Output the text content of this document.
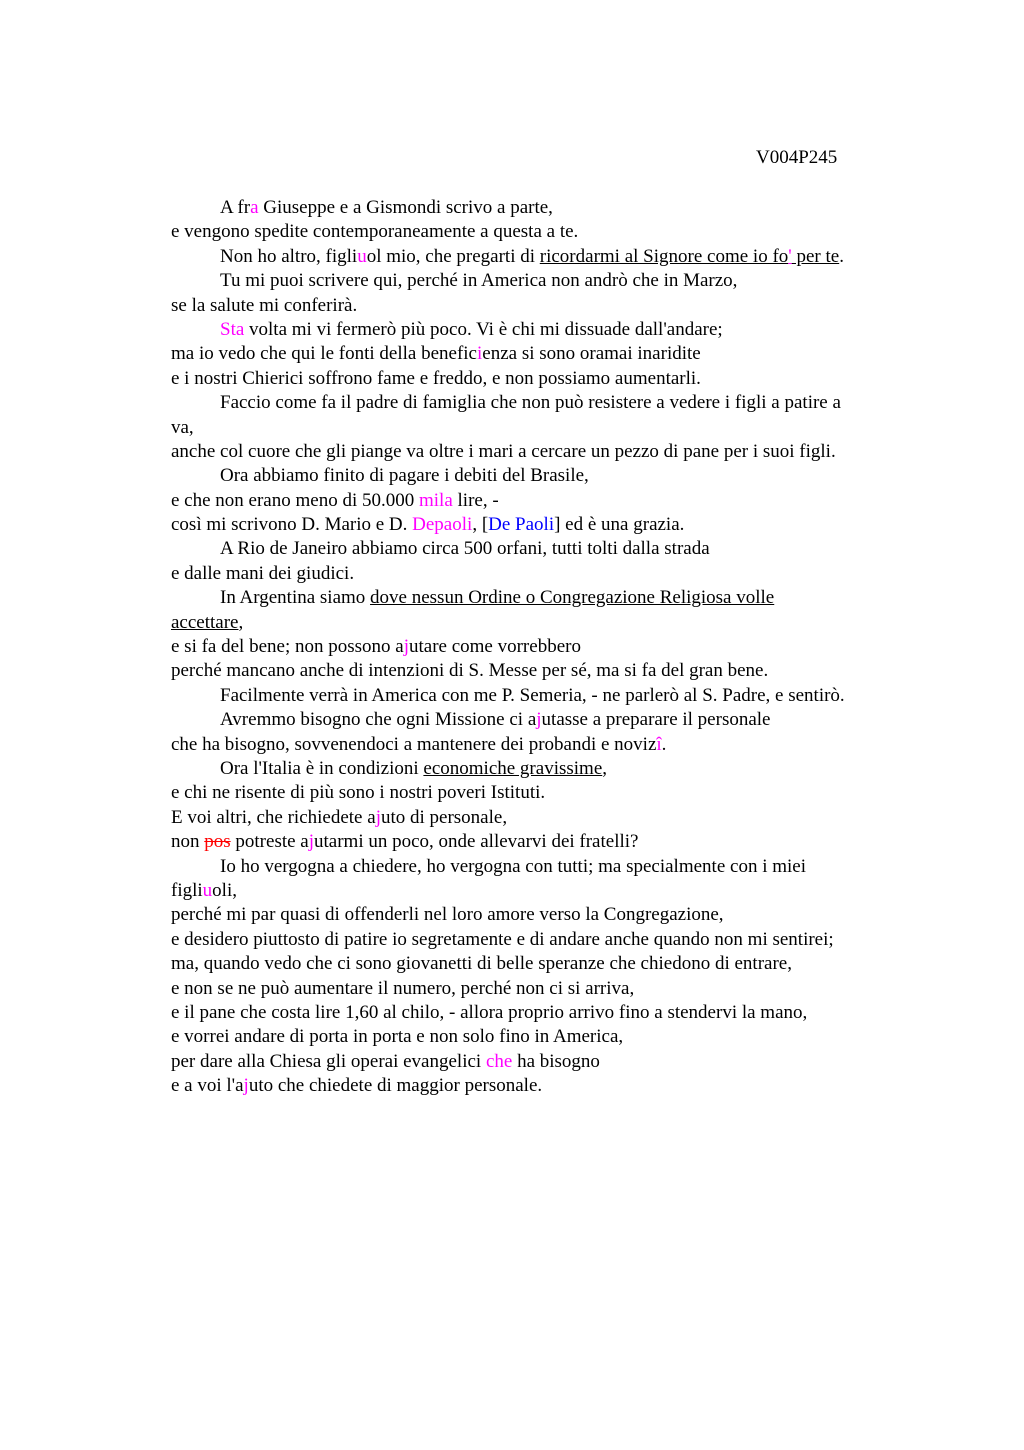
V004P245
A fra Giuseppe e a Gismondi scrivo a parte,
e vengono spedite contemporaneamente a questa a te.
Non ho altro, figliuol mio, che pregarti di ricordarmi al Signore come io fo' per te.
Tu mi puoi scrivere qui, perché in America non andrò che in Marzo,
se la salute mi conferirà.
Sta volta mi vi fermerò più poco. Vi è chi mi dissuade dall'andare;
ma io vedo che qui le fonti della beneficienza si sono oramai inaridite
e i nostri Chierici soffrono fame e freddo, e non possiamo aumentarli.
Faccio come fa il padre di famiglia che non può resistere a vedere i figli a patire a
va,
anche col cuore che gli piange va oltre i mari a cercare un pezzo di pane per i suoi figli.
Ora abbiamo finito di pagare i debiti del Brasile,
e che non erano meno di 50.000 mila lire, -
così mi scrivono D. Mario e D. Depaoli, [De Paoli] ed è una grazia.
A Rio de Janeiro abbiamo circa 500 orfani, tutti tolti dalla strada
e dalle mani dei giudici.
In Argentina siamo dove nessun Ordine o Congregazione Religiosa volle
accettare,
e si fa del bene; non possono ajutare come vorrebbero
perché mancano anche di intenzioni di S. Messe per sé, ma si fa del gran bene.
Facilmente verrà in America con me P. Semeria, - ne parlerò al S. Padre, e sentirò.
Avremmo bisogno che ogni Missione ci ajutasse a preparare il personale
che ha bisogno, sovvenendoci a mantenere dei probandi e novizî.
Ora l'Italia è in condizioni economiche gravissime,
e chi ne risente di più sono i nostri poveri Istituti.
E voi altri, che richiedete ajuto di personale,
non pos potreste ajutarmi un poco, onde allevarvi dei fratelli?
Io ho vergogna a chiedere, ho vergogna con tutti; ma specialmente con i miei
figliuoli,
perché mi par quasi di offenderli nel loro amore verso la Congregazione,
e desidero piuttosto di patire io segretamente e di andare anche quando non mi sentirei;
ma, quando vedo che ci sono giovanetti di belle speranze che chiedono di entrare,
e non se ne può aumentare il numero, perché non ci si arriva,
e il pane che costa lire 1,60 al chilo, - allora proprio arrivo fino a stendervi la mano,
e vorrei andare di porta in porta e non solo fino in America,
per dare alla Chiesa gli operai evangelici che ha bisogno
e a voi l'ajuto che chiedete di maggior personale.
